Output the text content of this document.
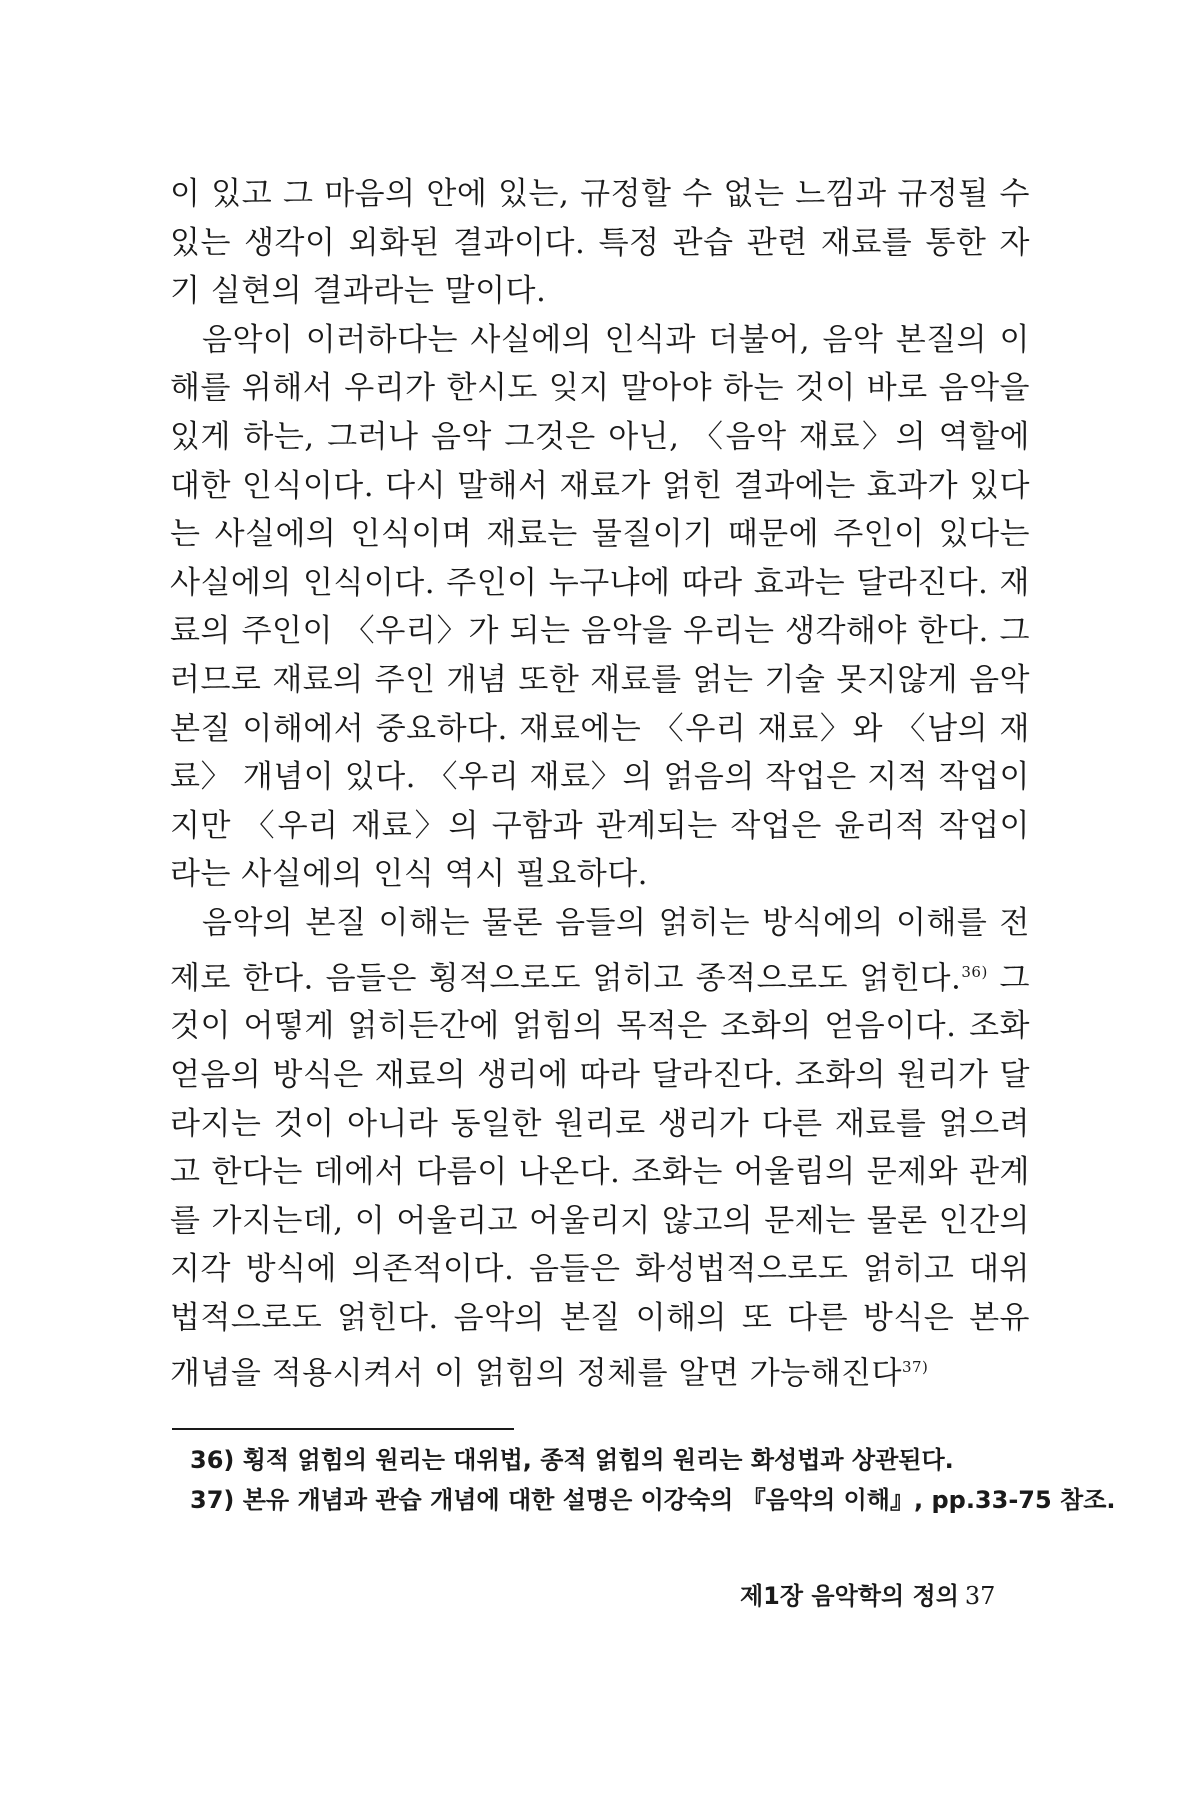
이 있고 그 마음의 안에 있는, 규정할 수 없는 느낌과 규정될 수 있는 생각이 외화된 결과이다. 특정 관습 관련 재료를 통한 자기 실현의 결과라는 말이다.

음악이 이러하다는 사실에의 인식과 더불어, 음악 본질의 이해를 위해서 우리가 한시도 잊지 말아야 하는 것이 바로 음악을 있게 하는, 그러나 음악 그것은 아닌, 〈음악 재료〉의 역할에 대한 인식이다. 다시 말해서 재료가 얽힌 결과에는 효과가 있다는 사실에의 인식이며 재료는 물질이기 때문에 주인이 있다는 사실에의 인식이다. 주인이 누구냐에 따라 효과는 달라진다. 재료의 주인이 〈우리〉가 되는 음악을 우리는 생각해야 한다. 그러므로 재료의 주인 개념 또한 재료를 얽는 기술 못지않게 음악 본질 이해에서 중요하다. 재료에는 〈우리 재료〉와 〈남의 재료〉 개념이 있다. 〈우리 재료〉의 얽음의 작업은 지적 작업이지만 〈우리 재료〉의 구함과 관계되는 작업은 윤리적 작업이라는 사실에의 인식 역시 필요하다.

음악의 본질 이해는 물론 음들의 얽히는 방식에의 이해를 전제로 한다. 음들은 횡적으로도 얽히고 종적으로도 얽힌다.$^{36)}$ 그것이 어떻게 얽히든간에 얽힘의 목적은 조화의 얻음이다. 조화 얻음의 방식은 재료의 생리에 따라 달라진다. 조화의 원리가 달라지는 것이 아니라 동일한 원리로 생리가 다른 재료를 얽으려고 한다는 데에서 다름이 나온다. 조화는 어울림의 문제와 관계를 가지는데, 이 어울리고 어울리지 않고의 문제는 물론 인간의 지각 방식에 의존적이다. 음들은 화성법적으로도 얽히고 대위법적으로도 얽힌다. 음악의 본질 이해의 또 다른 방식은 본유 개념을 적용시켜서 이 얽힘의 정체를 알면 가능해진다$^{37)}$

36) 횡적 얽힘의 원리는 대위법, 종적 얽힘의 원리는 화성법과 상관된다.

37) 본유 개념과 관습 개념에 대한 설명은 이강숙의 『음악의 이해』, pp.33-75 참조.

제1장 음악학의 정의 37
